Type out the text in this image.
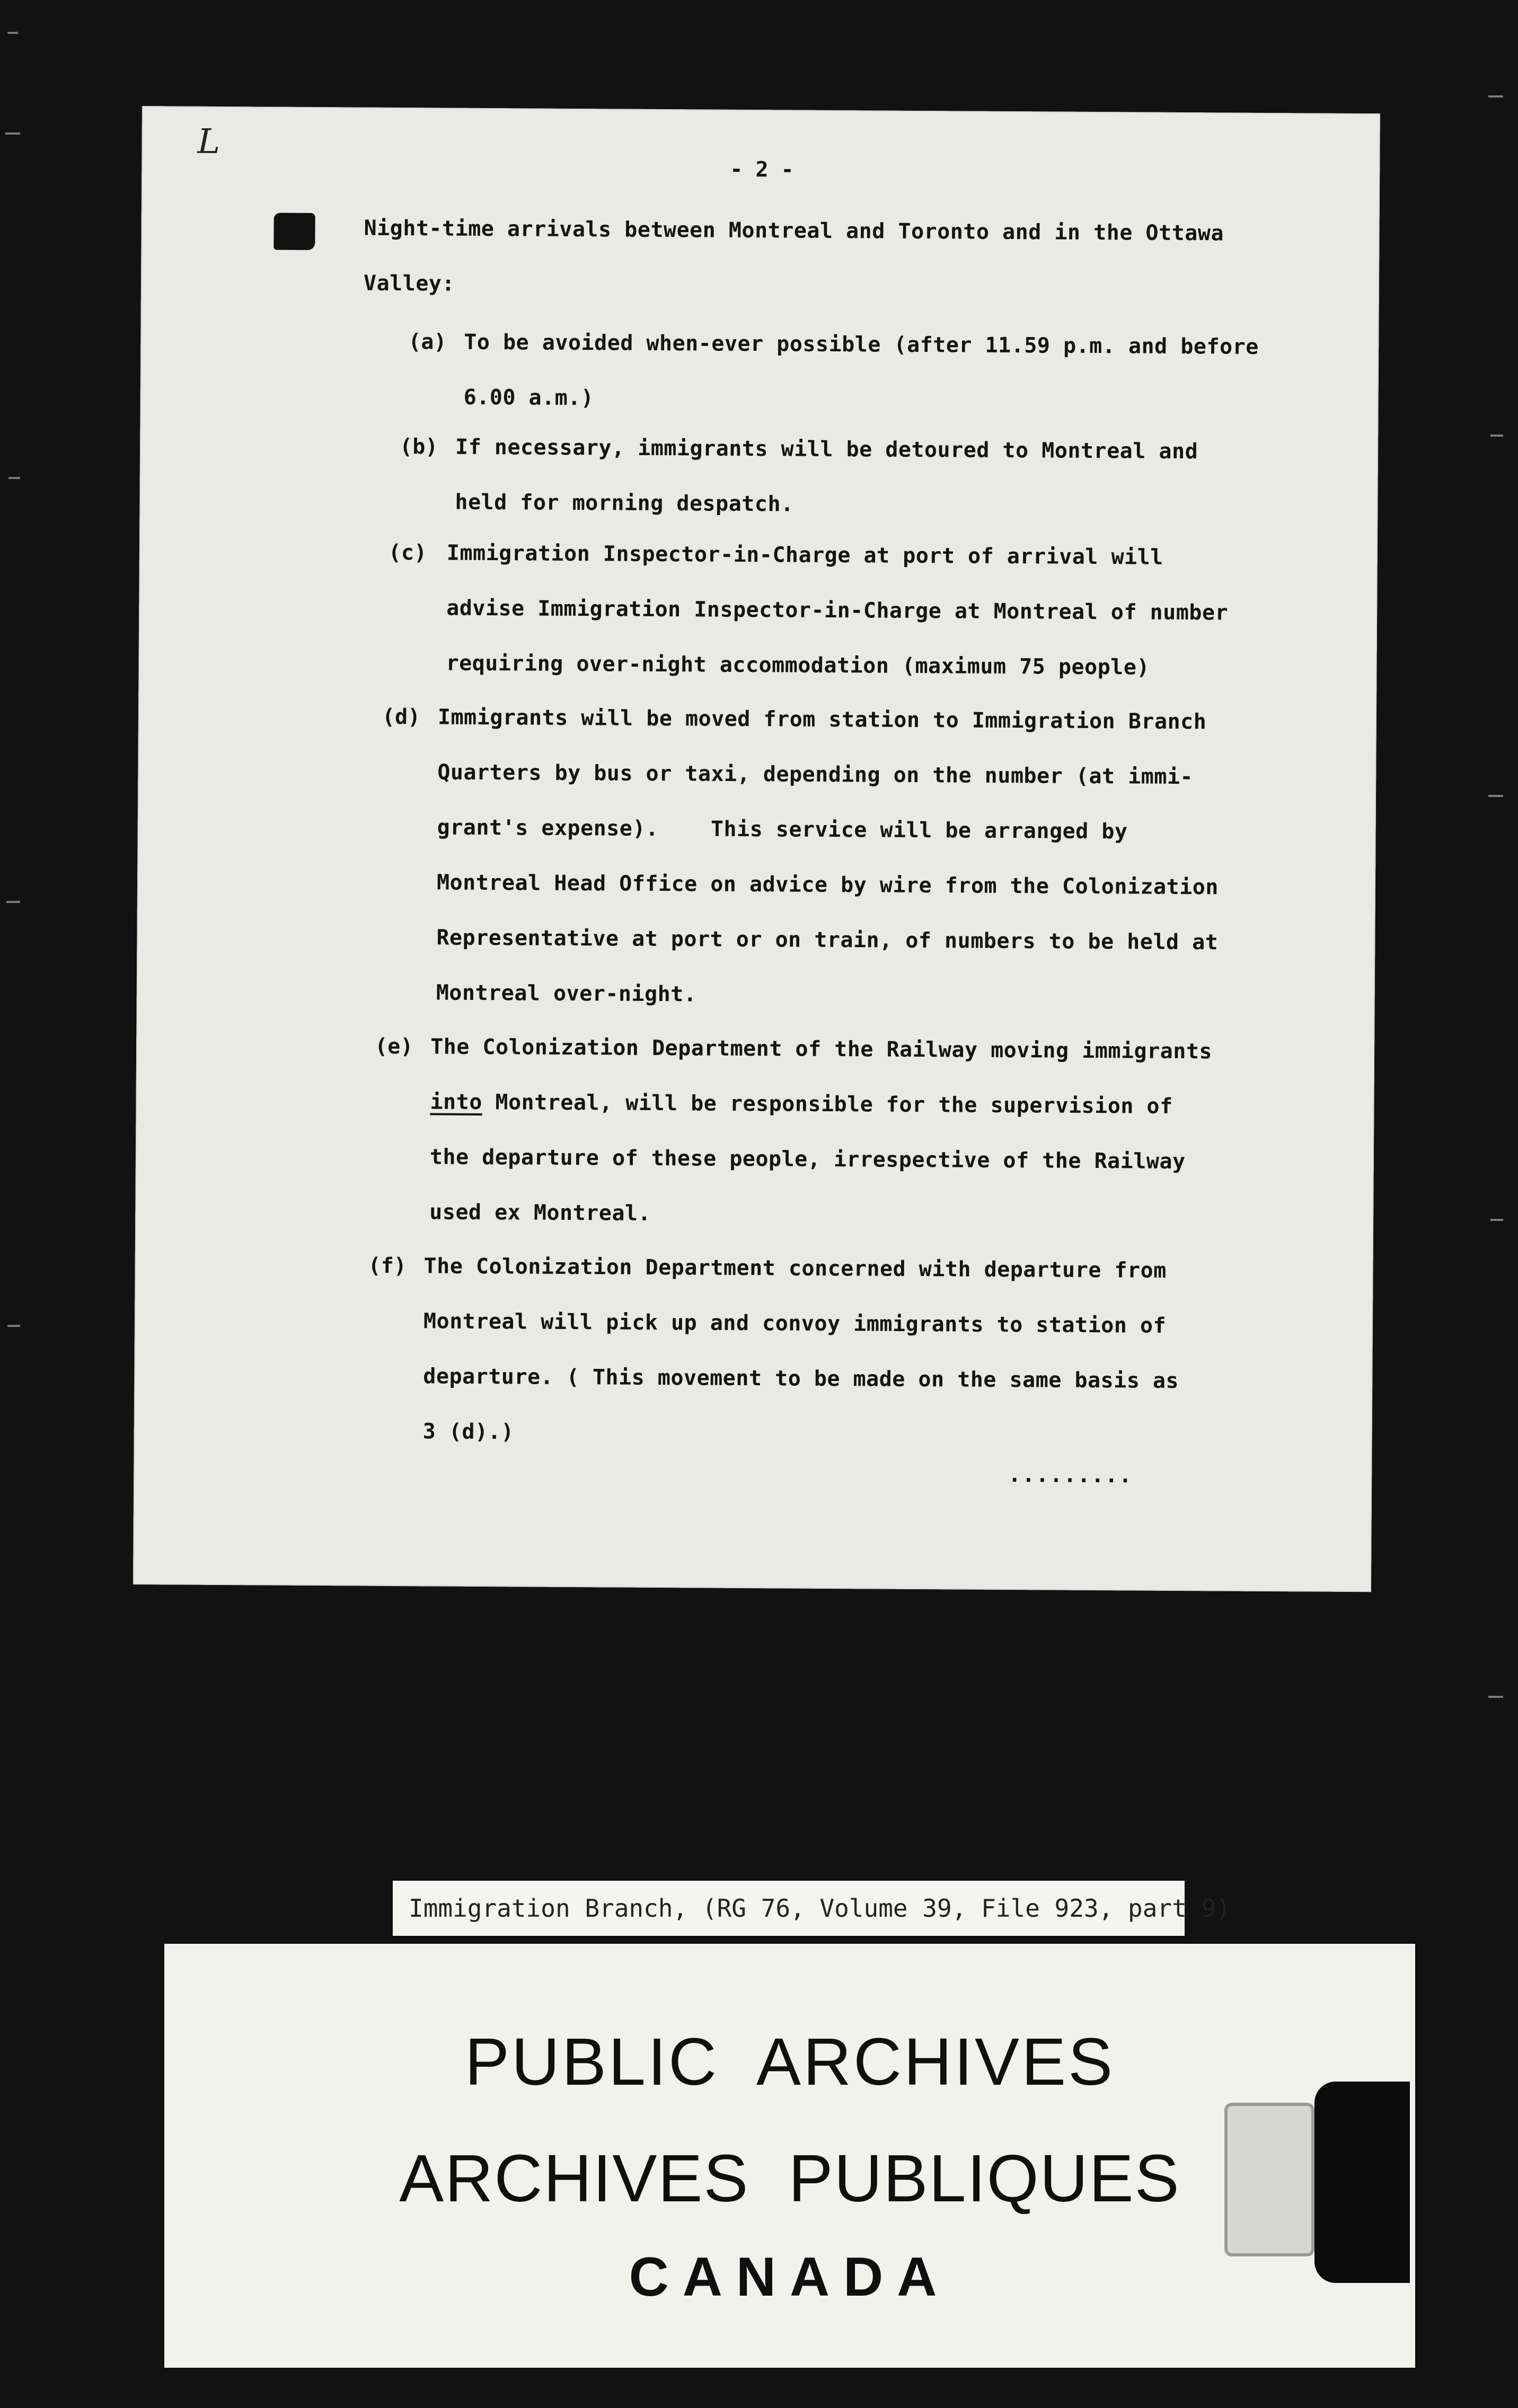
L
- 2 -
Night-time arrivals between Montreal and Toronto and in the Ottawa
Valley:
(a) To be avoided when-ever possible (after 11.59 p.m. and before
6.00 a.m.)
(b) If necessary, immigrants will be detoured to Montreal and
held for morning despatch.
(c) Immigration Inspector-in-Charge at port of arrival will
advise Immigration Inspector-in-Charge at Montreal of number
requiring over-night accommodation (maximum 75 people)
(d) Immigrants will be moved from station to Immigration Branch
Quarters by bus or taxi, depending on the number (at immi-
grant's expense).    This service will be arranged by
Montreal Head Office on advice by wire from the Colonization
Representative at port or on train, of numbers to be held at
Montreal over-night.
(e) The Colonization Department of the Railway moving immigrants
into Montreal, will be responsible for the supervision of
the departure of these people, irrespective of the Railway
used ex Montreal.
(f) The Colonization Department concerned with departure from
Montreal will pick up and convoy immigrants to station of
departure. ( This movement to be made on the same basis as
3 (d).)
.........
Immigration Branch, (RG 76, Volume 39, File 923, part 9)
PUBLIC  ARCHIVES
ARCHIVES  PUBLIQUES
CANADA
